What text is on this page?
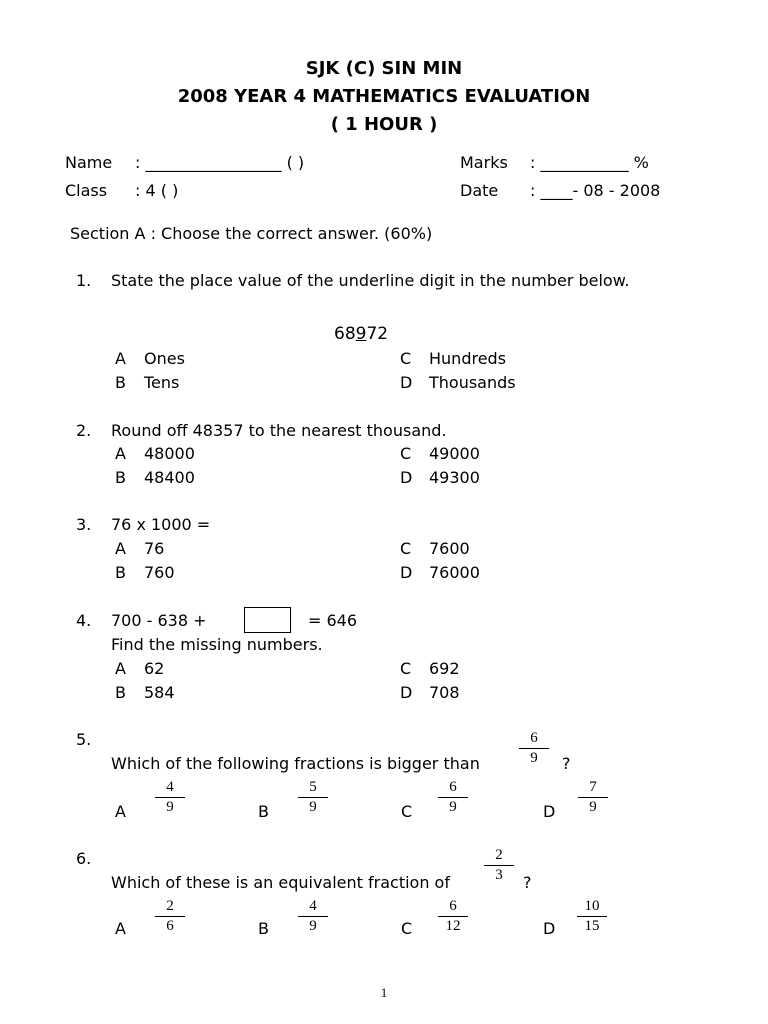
SJK (C) SIN MIN
2008 YEAR 4 MATHEMATICS EVALUATION
( 1 HOUR )
Name : _________________ ( )	Marks : ___________ %
Class : 4 ( )	Date : ____- 08 - 2008
Section A : Choose the correct answer. (60%)
1. State the place value of the underline digit in the number below.
68972
A Ones	C Hundreds
B Tens	D Thousands
2. Round off 48357 to the nearest thousand.
A 48000	C 49000
B 48400	D 49300
3. 76 x 1000 =
A 76	C 7600
B 760	D 76000
4. 700 - 638 +	= 646
Find the missing numbers.
A 62	C 692
B 584	D 708
5.
Which of the following fractions is bigger than
6
9	?
A
4
9	B
5
9	C
6
9	D
7
9
6.
Which of these is an equivalent fraction of
2
3	?
A
2
6	B
4
9	C
6
12	D
10
15
1
